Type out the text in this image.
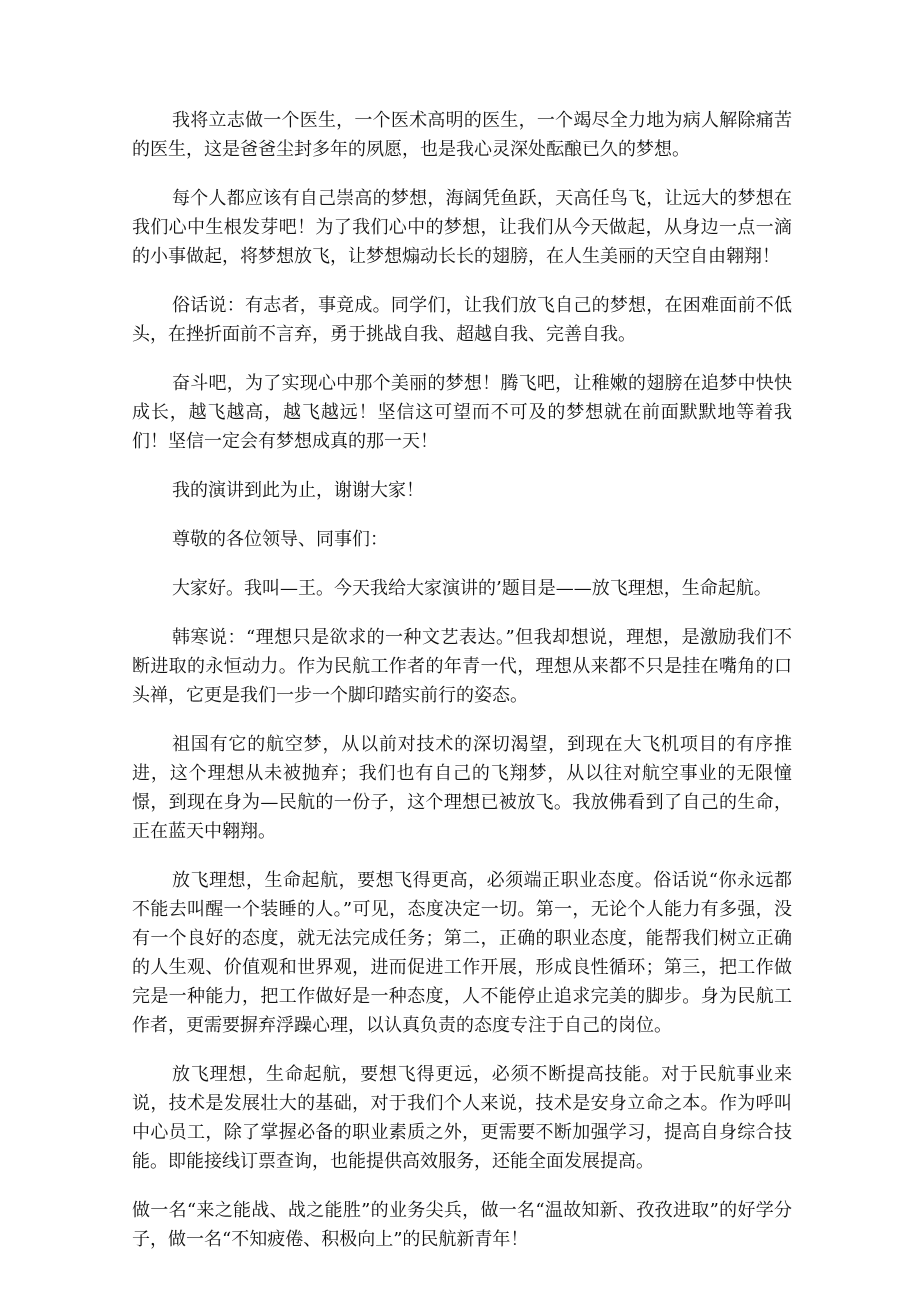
我将立志做一个医生，一个医术高明的医生，一个竭尽全力地为病人解除痛苦的医生，这是爸爸尘封多年的夙愿，也是我心灵深处酝酿已久的梦想。

每个人都应该有自己崇高的梦想，海阔凭鱼跃，天高任鸟飞，让远大的梦想在我们心中生根发芽吧！为了我们心中的梦想，让我们从今天做起，从身边一点一滴的小事做起，将梦想放飞，让梦想煽动长长的翅膀，在人生美丽的天空自由翱翔！

俗话说：有志者，事竟成。同学们，让我们放飞自己的梦想，在困难面前不低头，在挫折面前不言弃，勇于挑战自我、超越自我、完善自我。

奋斗吧，为了实现心中那个美丽的梦想！腾飞吧，让稚嫩的翅膀在追梦中快快成长，越飞越高，越飞越远！坚信这可望而不可及的梦想就在前面默默地等着我们！坚信一定会有梦想成真的那一天！

我的演讲到此为止，谢谢大家！

尊敬的各位领导、同事们：

大家好。我叫—王。今天我给大家演讲的’题目是——放飞理想，生命起航。

韩寒说：“理想只是欲求的一种文艺表达。”但我却想说，理想，是激励我们不断进取的永恒动力。作为民航工作者的年青一代，理想从来都不只是挂在嘴角的口头禅，它更是我们一步一个脚印踏实前行的姿态。

祖国有它的航空梦，从以前对技术的深切渴望，到现在大飞机项目的有序推进，这个理想从未被抛弃；我们也有自己的飞翔梦，从以往对航空事业的无限憧憬，到现在身为—民航的一份子，这个理想已被放飞。我放佛看到了自己的生命，正在蓝天中翱翔。

放飞理想，生命起航，要想飞得更高，必须端正职业态度。俗话说“你永远都不能去叫醒一个装睡的人。”可见，态度决定一切。第一，无论个人能力有多强，没有一个良好的态度，就无法完成任务；第二，正确的职业态度，能帮我们树立正确的人生观、价值观和世界观，进而促进工作开展，形成良性循环；第三，把工作做完是一种能力，把工作做好是一种态度，人不能停止追求完美的脚步。身为民航工作者，更需要摒弃浮躁心理，以认真负责的态度专注于自己的岗位。

放飞理想，生命起航，要想飞得更远，必须不断提高技能。对于民航事业来说，技术是发展壮大的基础，对于我们个人来说，技术是安身立命之本。作为呼叫中心员工，除了掌握必备的职业素质之外，更需要不断加强学习，提高自身综合技能。即能接线订票查询，也能提供高效服务，还能全面发展提高。

做一名“来之能战、战之能胜”的业务尖兵，做一名“温故知新、孜孜进取”的好学分子，做一名“不知疲倦、积极向上”的民航新青年！
